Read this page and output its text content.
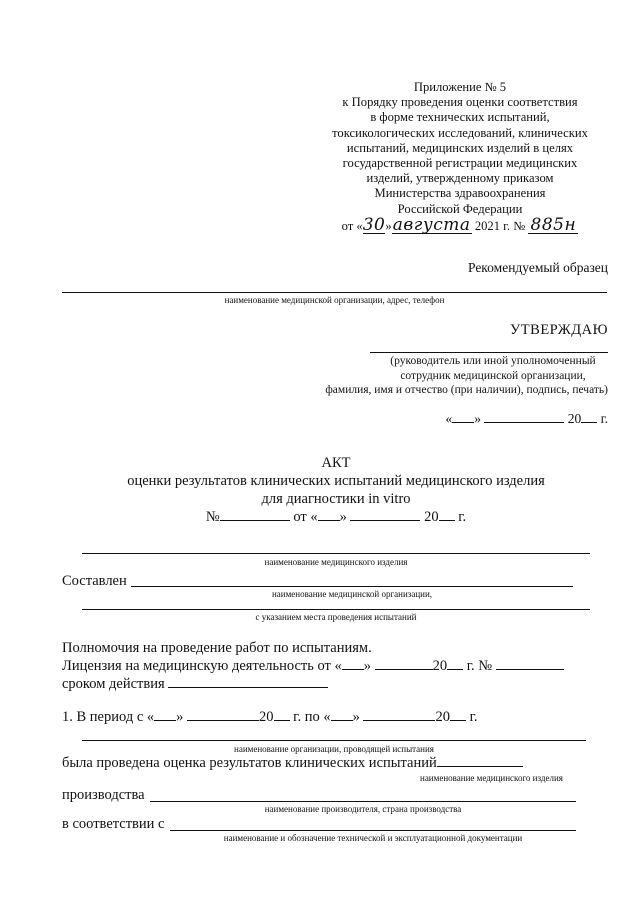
Приложение № 5
к Порядку проведения оценки соответствия
в форме технических испытаний,
токсикологических исследований, клинических
испытаний, медицинских изделий в целях
государственной регистрации медицинских
изделий, утвержденному приказом
Министерства здравоохранения
Российской Федерации
от «30»августа 2021 г. № 885н
Рекомендуемый образец
наименование медицинской организации, адрес, телефон
УТВЕРЖДАЮ
(руководитель или иной уполномоченный
сотрудник медицинской организации,
фамилия, имя и отчество (при наличии), подпись, печать)
« »	20 г.
АКТ
оценки результатов клинических испытаний медицинского изделия
для диагностики in vitro
№	от « »	20 г.
наименование медицинского изделия
Составлен
наименование медицинской организации,
с указанием места проведения испытаний
Полномочия на проведение работ по испытаниям.
Лицензия на медицинскую деятельность от « »	20 г. №
сроком действия
1. В период с « »	20 г. по « »	20 г.
наименование организации, проводящей испытания
была проведена оценка результатов клинических испытаний
наименование медицинского изделия
производства
наименование производителя, страна производства
в соответствии с
наименование и обозначение технической и эксплуатационной документации
